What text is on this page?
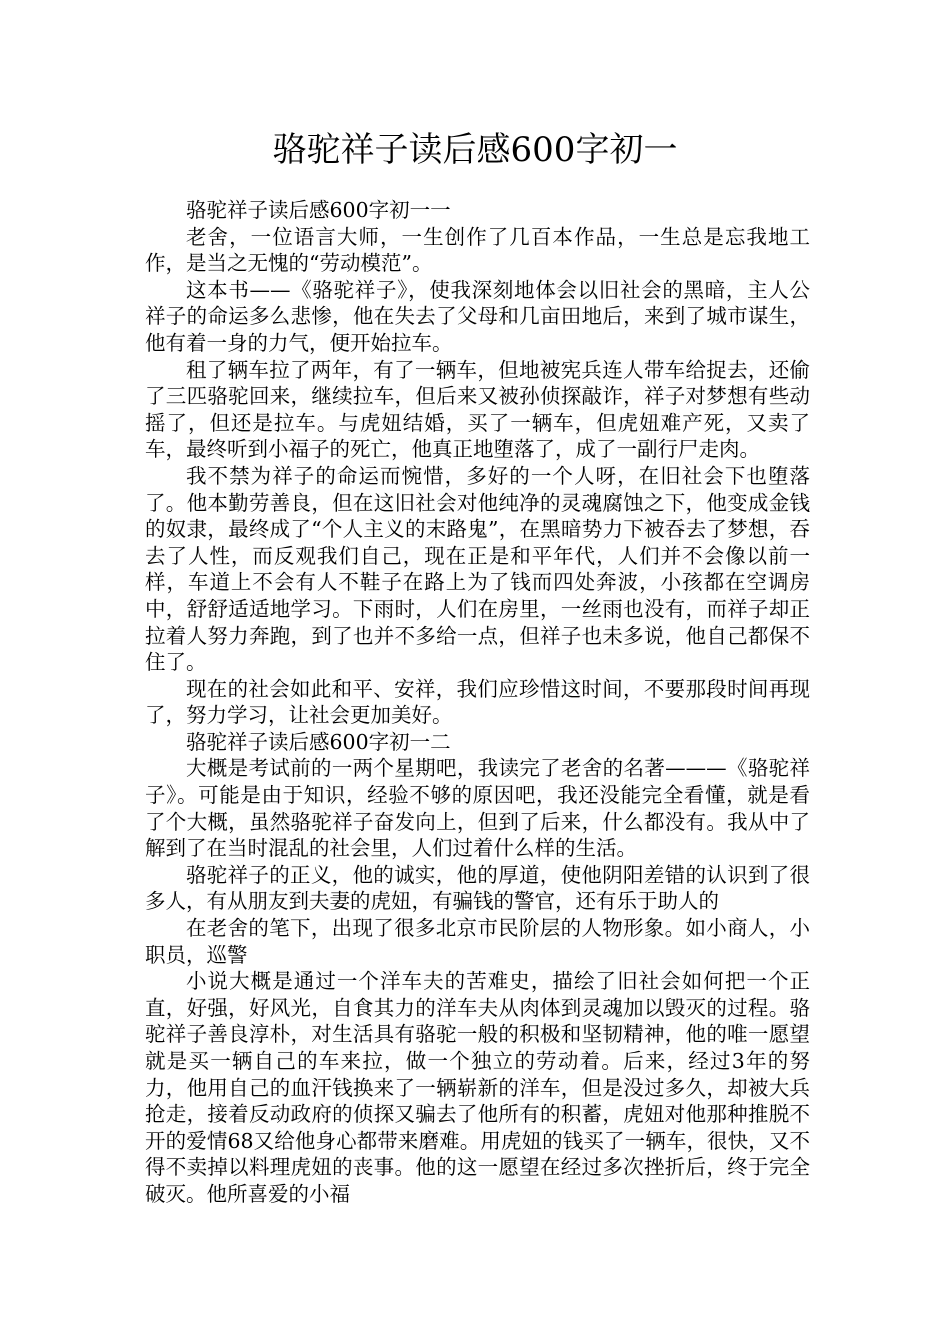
骆驼祥子读后感600字初一

骆驼祥子读后感600字初一一

老舍，一位语言大师，一生创作了几百本作品，一生总是忘我地工作，是当之无愧的“劳动模范”。

这本书——《骆驼祥子》，使我深刻地体会以旧社会的黑暗，主人公祥子的命运多么悲惨，他在失去了父母和几亩田地后，来到了城市谋生，他有着一身的力气，便开始拉车。

租了辆车拉了两年，有了一辆车，但地被宪兵连人带车给捉去，还偷了三匹骆驼回来，继续拉车，但后来又被孙侦探敲诈，祥子对梦想有些动摇了，但还是拉车。与虎妞结婚，买了一辆车，但虎妞难产死，又卖了车，最终听到小福子的死亡，他真正地堕落了，成了一副行尸走肉。

我不禁为祥子的命运而惋惜，多好的一个人呀，在旧社会下也堕落了。他本勤劳善良，但在这旧社会对他纯净的灵魂腐蚀之下，他变成金钱的奴隶，最终成了“个人主义的末路鬼”，在黑暗势力下被吞去了梦想，吞去了人性，而反观我们自己，现在正是和平年代，人们并不会像以前一样，车道上不会有人不鞋子在路上为了钱而四处奔波，小孩都在空调房中，舒舒适适地学习。下雨时，人们在房里，一丝雨也没有，而祥子却正拉着人努力奔跑，到了也并不多给一点，但祥子也未多说，他自己都保不住了。

现在的社会如此和平、安祥，我们应珍惜这时间，不要那段时间再现了，努力学习，让社会更加美好。

骆驼祥子读后感600字初一二

大概是考试前的一两个星期吧，我读完了老舍的名著———《骆驼祥子》。可能是由于知识，经验不够的原因吧，我还没能完全看懂，就是看了个大概，虽然骆驼祥子奋发向上，但到了后来，什么都没有。我从中了解到了在当时混乱的社会里，人们过着什么样的生活。

骆驼祥子的正义，他的诚实，他的厚道，使他阴阳差错的认识到了很多人，有从朋友到夫妻的虎妞，有骗钱的警官，还有乐于助人的

在老舍的笔下，出现了很多北京市民阶层的人物形象。如小商人，小职员，巡警

小说大概是通过一个洋车夫的苦难史，描绘了旧社会如何把一个正直，好强，好风光，自食其力的洋车夫从肉体到灵魂加以毁灭的过程。骆驼祥子善良淳朴，对生活具有骆驼一般的积极和坚韧精神，他的唯一愿望就是买一辆自己的车来拉，做一个独立的劳动着。后来，经过3年的努力，他用自己的血汗钱换来了一辆崭新的洋车，但是没过多久，却被大兵抢走，接着反动政府的侦探又骗去了他所有的积蓄，虎妞对他那种推脱不开的爱情68又给他身心都带来磨难。用虎妞的钱买了一辆车，很快，又不得不卖掉以料理虎妞的丧事。他的这一愿望在经过多次挫折后，终于完全破灭。他所喜爱的小福
